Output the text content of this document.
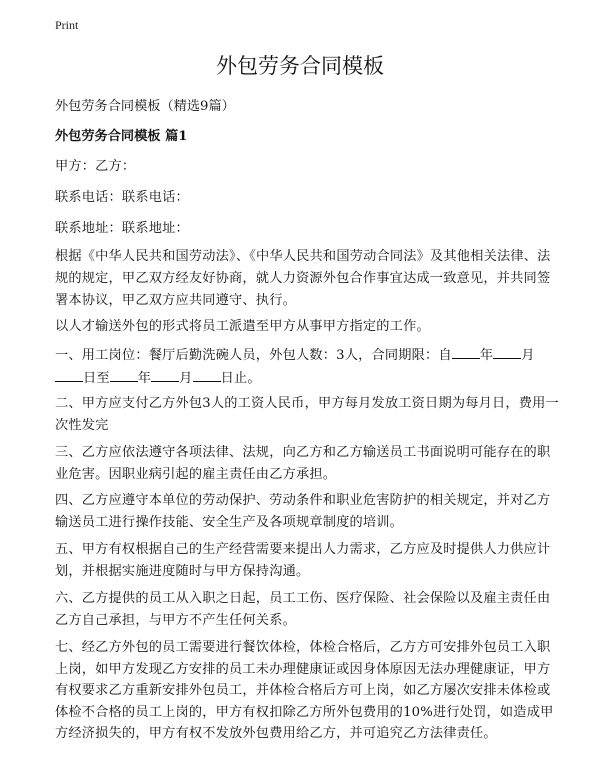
Print
外包劳务合同模板

外包劳务合同模板（精选9篇）

外包劳务合同模板 篇1

甲方：乙方：

联系电话：联系电话：

联系地址：联系地址：

根据《中华人民共和国劳动法》、《中华人民共和国劳动合同法》及其他相关法律、法规的规定，甲乙双方经友好协商，就人力资源外包合作事宜达成一致意见，并共同签署本协议，甲乙双方应共同遵守、执行。

以人才输送外包的形式将员工派遣至甲方从事甲方指定的工作。

一、用工岗位：餐厅后勤洗碗人员，外包人数：3人，合同期限：自 年 月
日至 年 月 日止。

二、甲方应支付乙方外包3人的工资人民币，甲方每月发放工资日期为每月日，费用一次性发完

三、乙方应依法遵守各项法律、法规，向乙方和乙方输送员工书面说明可能存在的职业危害。因职业病引起的雇主责任由乙方承担。

四、乙方应遵守本单位的劳动保护、劳动条件和职业危害防护的相关规定，并对乙方输送员工进行操作技能、安全生产及各项规章制度的培训。

五、甲方有权根据自己的生产经营需要来提出人力需求，乙方应及时提供人力供应计划，并根据实施进度随时与甲方保持沟通。

六、乙方提供的员工从入职之日起，员工工伤、医疗保险、社会保险以及雇主责任由乙方自己承担，与甲方不产生任何关系。

七、经乙方外包的员工需要进行餐饮体检，体检合格后，乙方方可安排外包员工入职上岗，如甲方发现乙方安排的员工未办理健康证或因身体原因无法办理健康证，甲方有权要求乙方重新安排外包员工，并体检合格后方可上岗，如乙方屡次安排未体检或体检不合格的员工上岗的，甲方有权扣除乙方所外包费用的10%进行处罚，如造成甲方经济损失的，甲方有权不发放外包费用给乙方，并可追究乙方法律责任。
